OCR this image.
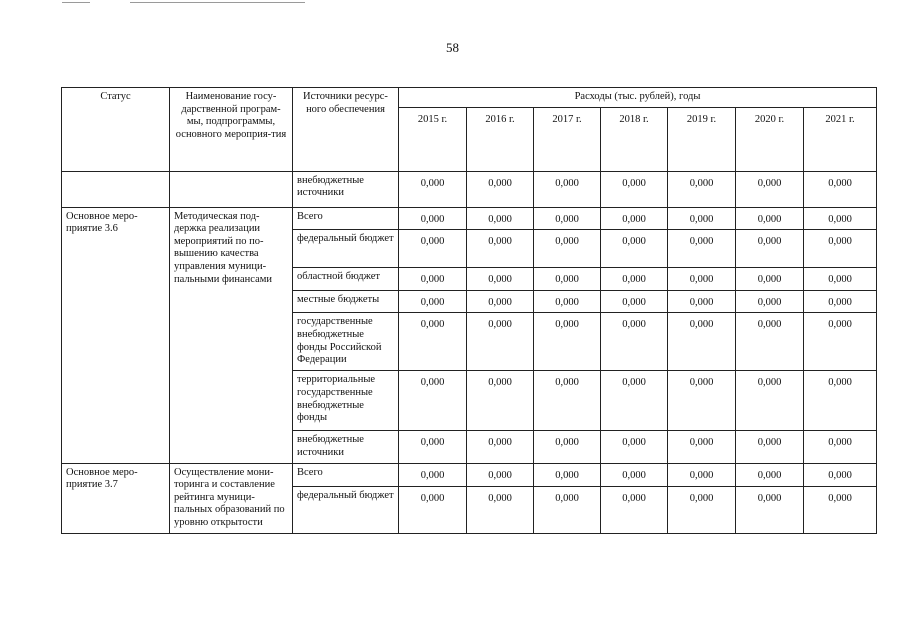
58
Статус	Наименование госу-дарственной програм-мы, подпрограммы, основного мероприя-тия	Источники ресурс-ного обеспечения	Расходы (тыс. рублей), годы						
			2015 г.	2016 г.	2017 г.	2018 г.	2019 г.	2020 г.	2021 г.
		внебюджетные источники	0,000	0,000	0,000	0,000	0,000	0,000	0,000
Основное меро-приятие 3.6	Методическая под-держка реализации мероприятий по по-вышению качества управления муници-пальными финансами	Всего	0,000	0,000	0,000	0,000	0,000	0,000	0,000
		федеральный бюджет	0,000	0,000	0,000	0,000	0,000	0,000	0,000
		областной бюджет	0,000	0,000	0,000	0,000	0,000	0,000	0,000
		местные бюджеты	0,000	0,000	0,000	0,000	0,000	0,000	0,000
		государственные внебюджетные фонды Российской Федерации	0,000	0,000	0,000	0,000	0,000	0,000	0,000
		территориальные государственные внебюджетные фонды	0,000	0,000	0,000	0,000	0,000	0,000	0,000
		внебюджетные источники	0,000	0,000	0,000	0,000	0,000	0,000	0,000
Основное меро-приятие 3.7	Осуществление мони-торинга и составление рейтинга муници-пальных образований по уровню открытости	Всего	0,000	0,000	0,000	0,000	0,000	0,000	0,000
		федеральный бюджет	0,000	0,000	0,000	0,000	0,000	0,000	0,000
